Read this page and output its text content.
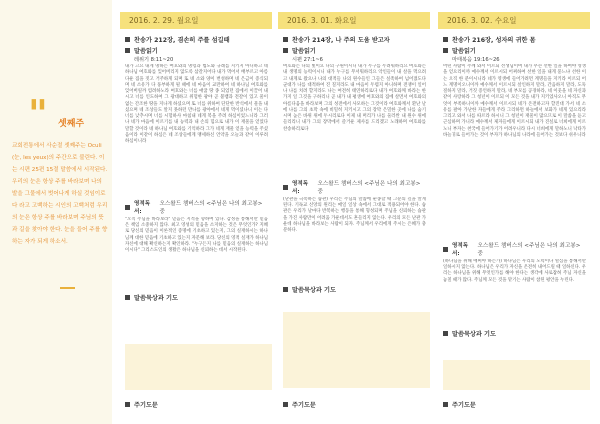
" 셋째주
교회전통에서 사순절 셋째주는 Oculi(눈, les yeux)의 주간으로 불린다. 이는 시편 25편 15절 말씀에서 시작된다. 우리의 눈은 항상 주를 바라보며 나의 발을 그물에서 벗어나게 하실 것임이로다 라고 고백하는 시인의 고백처럼 우리의 눈은 항상 주를 바라보며 주님의 뜻과 길을 찾아야 한다. 눈을 들어 주를 향하는 자가 되게 하소서.
2016. 2. 29. 월요일
찬송가 212장, 겸손히 주를 섬길때
말씀읽기
레위기 8:11~20
내가 고요 내게 명하는 여호와의 명령과 법도와 규례를 지키지 아니하고 네 하나님 여호와를 잊어버리지 않도록 삼갈지어다 내가 먹어서 배부르고 아름다운 집을 짓고 거주하게 되며 또 네 소와 양이 번성하며 네 은금이 증식되며 네 소유가 다 풍부하게 될 때에 네 마음이 교만하여 네 하나님 여호와를 잊어버릴까 염려하노라 여호와는 너를 애굽 땅 종 되었던 집에서 이끌어 내시고 너를 인도하여 그 광대하고 위험한 광야 곧 불뱀과 전갈이 있고 물이 없는 간조한 땅을 지나게 하셨으며 또 너를 위하여 단단한 반석에서 물을 내셨으며 네 조상들도 알지 못하던 만나를 광야에서 네게 먹이셨나니 이는 다 너를 낮추시며 너를 시험하사 마침내 네게 복을 주려 하심이었느니라 그러나 네가 마음에 이르기를 내 능력과 내 손의 힘으로 내가 이 재물을 얻었다 말할 것이라 네 하나님 여호와를 기억하라 그가 네게 재물 얻을 능력을 주셨음이라 이같이 하심은 네 조상들에게 맹세하신 언약을 오늘과 같이 이루려 하심이니라
영적독서:
오스왈드 챔버스의 <주님은 나의 최고봉> 중
"오직 주님을 바라보라" 믿음은 지적을 향하여 있다. 감정을 통해서만 믿음은 책임 소중하지 않다. 최고 영성의 믿음을 소지하는 것은 무엇인가? 지혜로 당신의 믿음이 이론적인 증명에 기초하고 있는지, 그의 실재하시는 하나님께 대한 믿음에 기초하고 있는지 자문해 보라. 당신의 영적 실재가 하나님 자신에 대해 확신하는지 확인하라. "누구든지 나를 믿음의 실재하는 하나님이시다" 그리스도인의 생활은 하나님을 신뢰하는 데서 시작된다.
말씀묵상과 기도
주기도문
2016. 3. 01. 화요일
찬송가 214장, 나 주의 도움 받고자
말씀읽기
시편 27:1~6
여호와는 나의 빛이요 나의 구원이시니 내가 누구를 두려워하리요 여호와는 내 생명의 능력이시니 내가 누구를 무서워하리요 악인들이 내 살을 먹으려고 내게로 왔으나 나의 대적들 나의 원수들인 그들은 실족하여 넘어졌도다 군대가 나를 대적하여 진 칠지라도 내 마음이 두렵지 아니하며 전쟁이 일어나 나를 치려 할지라도 나는 여전히 태연하리로다 내가 여호와께 바라는 한 가지 일 그것을 구하리니 곧 내가 내 평생에 여호와의 집에 살면서 여호와의 아름다움을 바라보며 그의 성전에서 사모하는 그것이라 여호와께서 환난 날에 나를 그의 초막 속에 비밀히 지키시고 그의 장막 은밀한 곳에 나를 숨기시며 높은 바위 위에 두시리로다 이제 내 머리가 나를 둘러싼 내 원수 위에 들리리니 내가 그의 장막에서 즐거운 제사를 드리겠고 노래하며 여호와를 찬송하리로다
영적독서:
오스왈드 챔버스의 <주님은 나의 최고봉> 중
(난관을 극복하는 습관) 우리는 주님의 말씀에 순종할 때 그분의 길을 알게 된다. 기독교 신앙의 원리는 매일 일상 속에서 그대로 적용되어야 한다. 습관은 우리가 날마다 반복하는 행동을 통해 형성되며 주님을 신뢰하는 습관을 가진 사람만이 어려움 가운데서도 흔들리지 않는다. 우리의 모든 난관 가운데 하나님을 바라보는 사람이 되자. 주님께서 우리에게 주시는 은혜가 충분하다.
말씀묵상과 기도
주기도문
2016. 3. 02. 수요일
찬송가 216장, 성자의 귀한 몸
말씀읽기
마태복음 19:16~26
어떤 사람이 주께 와서 이르되 선생님이여 내가 무슨 선한 일을 하여야 영생을 얻으리이까 예수께서 이르시되 어찌하여 선한 일을 내게 묻느냐 선한 이는 오직 한 분이시니라 네가 영생에 들어가려면 계명들을 지키라 이르되 어느 계명이오니이까 예수께서 이르시되 살인하지 말라, 간음하지 말라, 도둑질하지 말라, 거짓 증언하지 말라, 네 부모를 공경하라, 네 이웃을 네 자신과 같이 사랑하라 그 청년이 이르되 이 모든 것을 내가 지키었사오니 아직도 무엇이 부족하니이까 예수께서 이르시되 네가 온전하고자 할진대 가서 네 소유를 팔아 가난한 자들에게 주라 그리하면 하늘에서 보화가 네게 있으리라 그리고 와서 나를 따르라 하시니 그 청년이 재물이 많으므로 이 말씀을 듣고 근심하며 가니라 예수께서 제자들에게 이르시되 내가 진실로 너희에게 이르노니 부자는 천국에 들어가기가 어려우니라 다시 너희에게 말하노니 낙타가 바늘귀로 들어가는 것이 부자가 하나님의 나라에 들어가는 것보다 쉬우니라
영적독서:
오스왈드 챔버스의 <주님은 나의 최고봉> 중
(하나님을 위해 애써야 하는가) 하나님은 우리의 노력이나 열심을 통해서만 일하시지 않는다. 하나님은 우리가 자신을 온전히 내어드릴 때 일하신다. 우리는 하나님을 위해 무엇인가를 해야 한다는 생각에 사로잡혀 주님 자신을 놓칠 때가 많다. 주님께 모든 것을 맡기는 사람이 참된 평안을 누린다.
말씀묵상과 기도
주기도문
